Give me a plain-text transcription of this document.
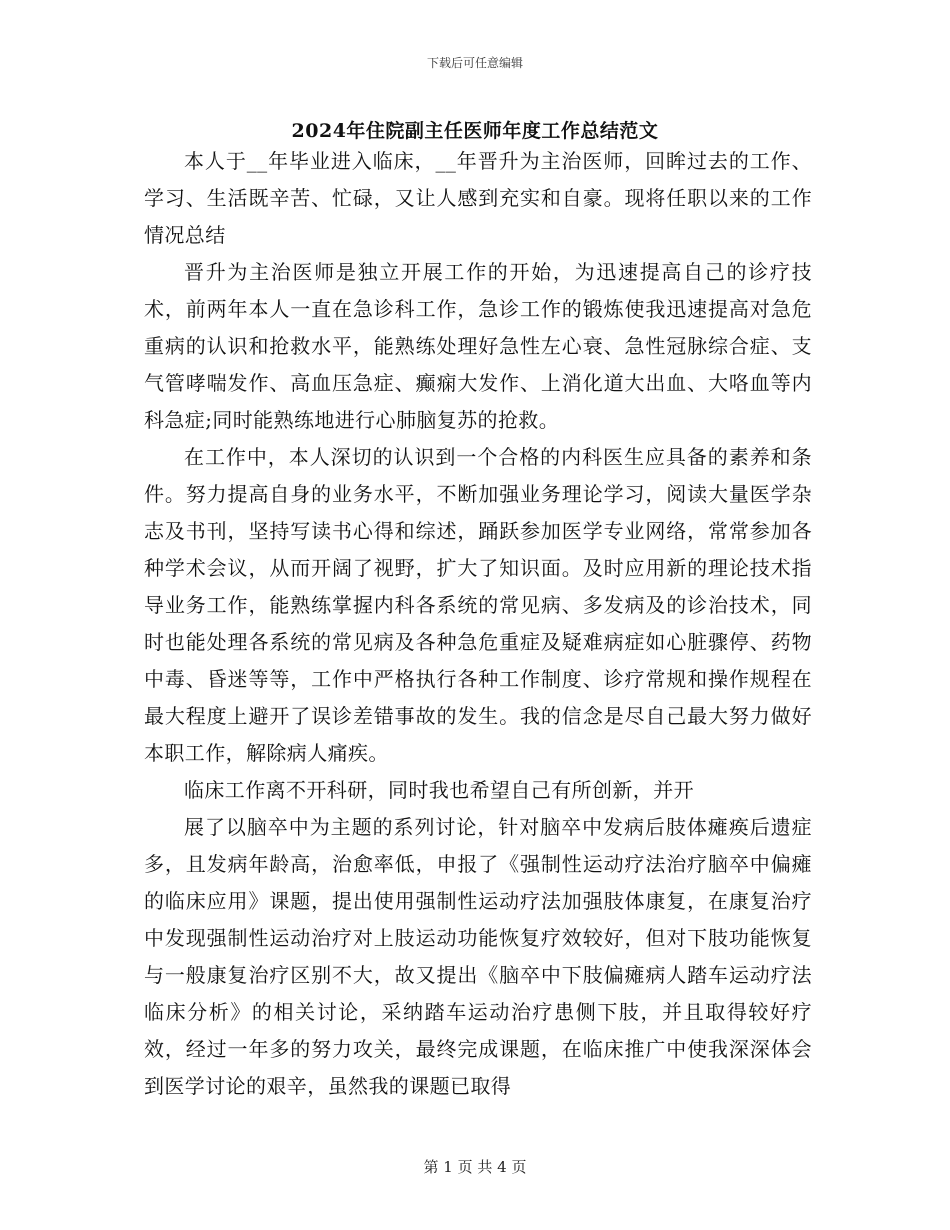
下载后可任意编辑
2024年住院副主任医师年度工作总结范文

本人于__年毕业进入临床，__年晋升为主治医师，回眸过去的工作、学习、生活既辛苦、忙碌，又让人感到充实和自豪。现将任职以来的工作情况总结

晋升为主治医师是独立开展工作的开始，为迅速提高自己的诊疗技术，前两年本人一直在急诊科工作，急诊工作的锻炼使我迅速提高对急危重病的认识和抢救水平，能熟练处理好急性左心衰、急性冠脉综合症、支气管哮喘发作、高血压急症、癫痫大发作、上消化道大出血、大咯血等内科急症;同时能熟练地进行心肺脑复苏的抢救。

在工作中，本人深切的认识到一个合格的内科医生应具备的素养和条件。努力提高自身的业务水平，不断加强业务理论学习，阅读大量医学杂志及书刊，坚持写读书心得和综述，踊跃参加医学专业网络，常常参加各种学术会议，从而开阔了视野，扩大了知识面。及时应用新的理论技术指导业务工作，能熟练掌握内科各系统的常见病、多发病及的诊治技术，同时也能处理各系统的常见病及各种急危重症及疑难病症如心脏骤停、药物中毒、昏迷等等，工作中严格执行各种工作制度、诊疗常规和操作规程在最大程度上避开了误诊差错事故的发生。我的信念是尽自己最大努力做好本职工作，解除病人痛疾。

临床工作离不开科研，同时我也希望自己有所创新，并开

展了以脑卒中为主题的系列讨论，针对脑卒中发病后肢体瘫痪后遗症多，且发病年龄高，治愈率低，申报了《强制性运动疗法治疗脑卒中偏瘫的临床应用》课题，提出使用强制性运动疗法加强肢体康复，在康复治疗中发现强制性运动治疗对上肢运动功能恢复疗效较好，但对下肢功能恢复与一般康复治疗区别不大，故又提出《脑卒中下肢偏瘫病人踏车运动疗法临床分析》的相关讨论，采纳踏车运动治疗患侧下肢，并且取得较好疗效，经过一年多的努力攻关，最终完成课题，在临床推广中使我深深体会到医学讨论的艰辛，虽然我的课题已取得

第 1 页 共 4 页
